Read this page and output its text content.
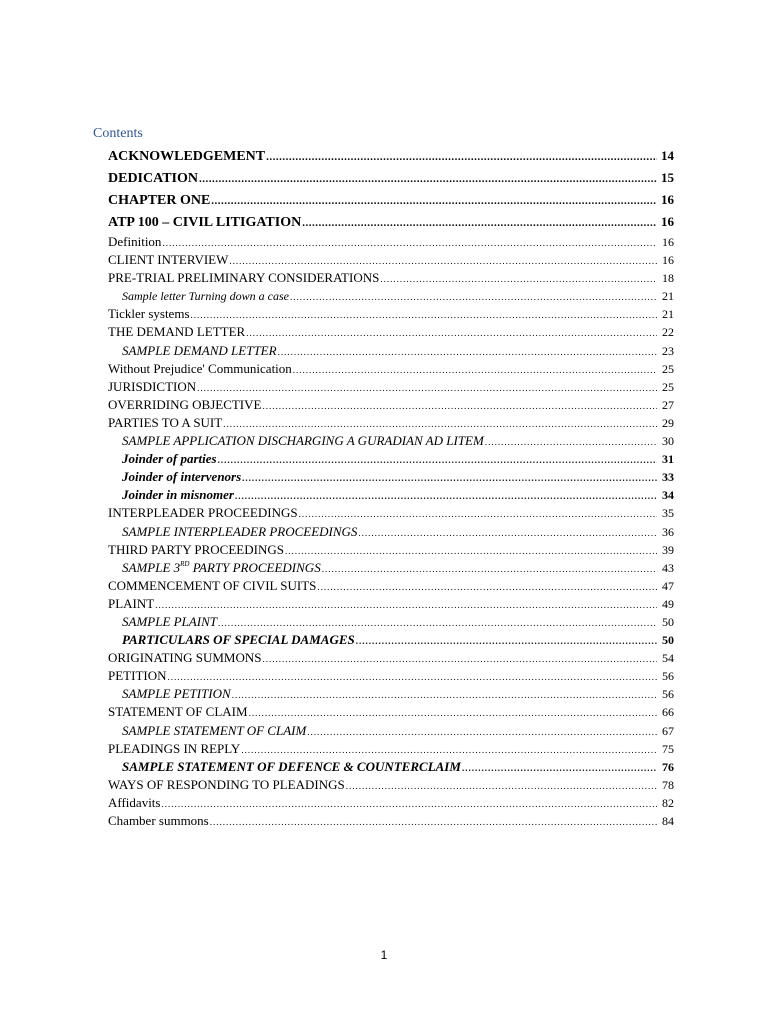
Contents
ACKNOWLEDGEMENT .....	14
DEDICATION .....	15
CHAPTER ONE .....	16
ATP 100 – CIVIL LITIGATION .....	16
Definition .....	16
CLIENT INTERVIEW .....	16
PRE-TRIAL PRELIMINARY CONSIDERATIONS .....	18
Sample letter Turning down a case .....	21
Tickler systems .....	21
THE DEMAND LETTER .....	22
SAMPLE DEMAND LETTER .....	23
Without Prejudice' Communication .....	25
JURISDICTION .....	25
OVERRIDING OBJECTIVE .....	27
PARTIES TO A SUIT .....	29
SAMPLE APPLICATION DISCHARGING A GURADIAN AD LITEM .....	30
Joinder of parties .....	31
Joinder of intervenors .....	33
Joinder in misnomer .....	34
INTERPLEADER PROCEEDINGS .....	35
SAMPLE INTERPLEADER PROCEEDINGS .....	36
THIRD PARTY PROCEEDINGS .....	39
SAMPLE 3RD PARTY PROCEEDINGS .....	43
COMMENCEMENT OF CIVIL SUITS .....	47
PLAINT .....	49
SAMPLE PLAINT .....	50
PARTICULARS OF SPECIAL DAMAGES .....	50
ORIGINATING SUMMONS .....	54
PETITION .....	56
SAMPLE PETITION .....	56
STATEMENT OF CLAIM .....	66
SAMPLE STATEMENT OF CLAIM .....	67
PLEADINGS IN REPLY .....	75
SAMPLE STATEMENT OF DEFENCE & COUNTERCLAIM .....	76
WAYS OF RESPONDING TO PLEADINGS .....	78
Affidavits .....	82
Chamber summons .....	84
1
